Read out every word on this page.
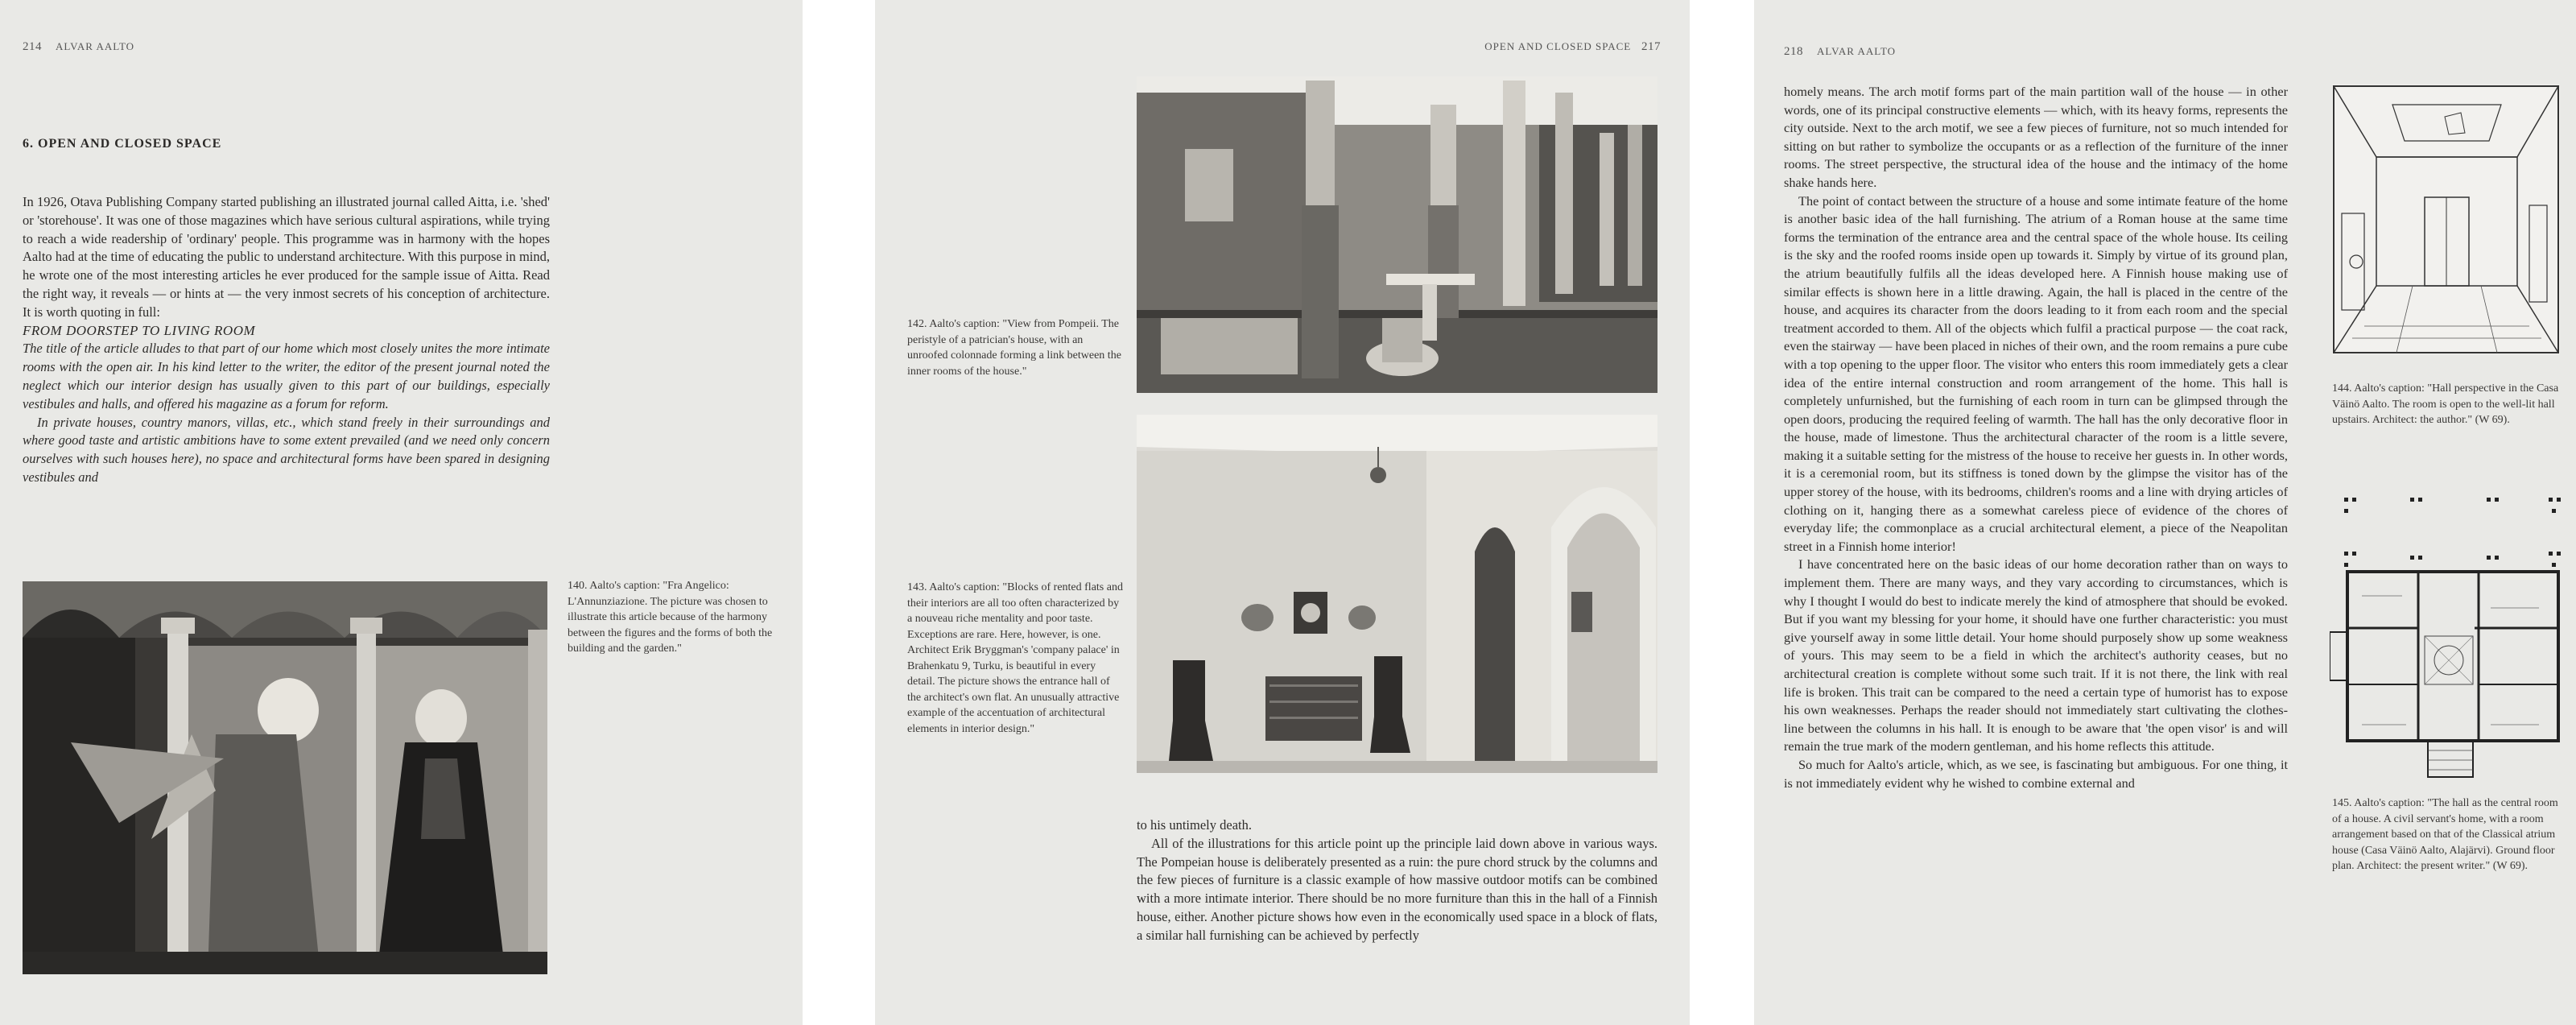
214 ALVAR AALTO
6. OPEN AND CLOSED SPACE

In 1926, Otava Publishing Company started publishing an illustrated journal called Aitta, i.e. 'shed' or 'storehouse'. It was one of those magazines which have serious cultural aspirations, while trying to reach a wide readership of 'ordinary' people. This programme was in harmony with the hopes Aalto had at the time of educating the public to understand architecture. With this purpose in mind, he wrote one of the most interesting articles he ever produced for the sample issue of Aitta. Read the right way, it reveals — or hints at — the very inmost secrets of his conception of architecture. It is worth quoting in full:

FROM DOORSTEP TO LIVING ROOM

The title of the article alludes to that part of our home which most closely unites the more intimate rooms with the open air. In his kind letter to the writer, the editor of the present journal noted the neglect which our interior design has usually given to this part of our buildings, especially vestibules and halls, and offered his magazine as a forum for reform.

In private houses, country manors, villas, etc., which stand freely in their surroundings and where good taste and artistic ambitions have to some extent prevailed (and we need only concern ourselves with such houses here), no space and architectural forms have been spared in designing vestibules and

140. Aalto's caption: "Fra Angelico: L'Annunziazione. The picture was chosen to illustrate this article because of the harmony between the figures and the forms of both the building and the garden."
OPEN AND CLOSED SPACE 217
142. Aalto's caption: "View from Pompeii. The peristyle of a patrician's house, with an unroofed colonnade forming a link between the inner rooms of the house."
143. Aalto's caption: "Blocks of rented flats and their interiors are all too often characterized by a nouveau riche mentality and poor taste. Exceptions are rare. Here, however, is one. Architect Erik Bryggman's 'company palace' in Brahenkatu 9, Turku, is beautiful in every detail. The picture shows the entrance hall of the architect's own flat. An unusually attractive example of the accentuation of architectural elements in interior design."

to his untimely death.

All of the illustrations for this article point up the principle laid down above in various ways. The Pompeian house is deliberately presented as a ruin: the pure chord struck by the columns and the few pieces of furniture is a classic example of how massive outdoor motifs can be combined with a more intimate interior. There should be no more furniture than this in the hall of a Finnish house, either. Another picture shows how even in the economically used space in a block of flats, a similar hall furnishing can be achieved by perfectly

218 ALVAR AALTO

homely means. The arch motif forms part of the main partition wall of the house — in other words, one of its principal constructive elements — which, with its heavy forms, represents the city outside. Next to the arch motif, we see a few pieces of furniture, not so much intended for sitting on but rather to symbolize the occupants or as a reflection of the furniture of the inner rooms. The street perspective, the structural idea of the house and the intimacy of the home shake hands here.

The point of contact between the structure of a house and some intimate feature of the home is another basic idea of the hall furnishing. The atrium of a Roman house at the same time forms the termination of the entrance area and the central space of the whole house. Its ceiling is the sky and the roofed rooms inside open up towards it. Simply by virtue of its ground plan, the atrium beautifully fulfils all the ideas developed here. A Finnish house making use of similar effects is shown here in a little drawing. Again, the hall is placed in the centre of the house, and acquires its character from the doors leading to it from each room and the special treatment accorded to them. All of the objects which fulfil a practical purpose — the coat rack, even the stairway — have been placed in niches of their own, and the room remains a pure cube with a top opening to the upper floor. The visitor who enters this room immediately gets a clear idea of the entire internal construction and room arrangement of the home. This hall is completely unfurnished, but the furnishing of each room in turn can be glimpsed through the open doors, producing the required feeling of warmth. The hall has the only decorative floor in the house, made of limestone. Thus the architectural character of the room is a little severe, making it a suitable setting for the mistress of the house to receive her guests in. In other words, it is a ceremonial room, but its stiffness is toned down by the glimpse the visitor has of the upper storey of the house, with its bedrooms, children's rooms and a line with drying articles of clothing on it, hanging there as a somewhat careless piece of evidence of the chores of everyday life; the commonplace as a crucial architectural element, a piece of the Neapolitan street in a Finnish home interior!

I have concentrated here on the basic ideas of our home decoration rather than on ways to implement them. There are many ways, and they vary according to circumstances, which is why I thought I would do best to indicate merely the kind of atmosphere that should be evoked. But if you want my blessing for your home, it should have one further characteristic: you must give yourself away in some little detail. Your home should purposely show up some weakness of yours. This may seem to be a field in which the architect's authority ceases, but no architectural creation is complete without some such trait. If it is not there, the link with real life is broken. This trait can be compared to the need a certain type of humorist has to expose his own weaknesses. Perhaps the reader should not immediately start cultivating the clothes-line between the columns in his hall. It is enough to be aware that 'the open visor' is and will remain the true mark of the modern gentleman, and his home reflects this attitude.

So much for Aalto's article, which, as we see, is fascinating but ambiguous. For one thing, it is not immediately evident why he wished to combine external and

144. Aalto's caption: "Hall perspective in the Casa Väinö Aalto. The room is open to the well-lit hall upstairs. Architect: the author." (W 69).
145. Aalto's caption: "The hall as the central room of a house. A civil servant's home, with a room arrangement based on that of the Classical atrium house (Casa Väinö Aalto, Alajärvi). Ground floor plan. Architect: the present writer." (W 69).
